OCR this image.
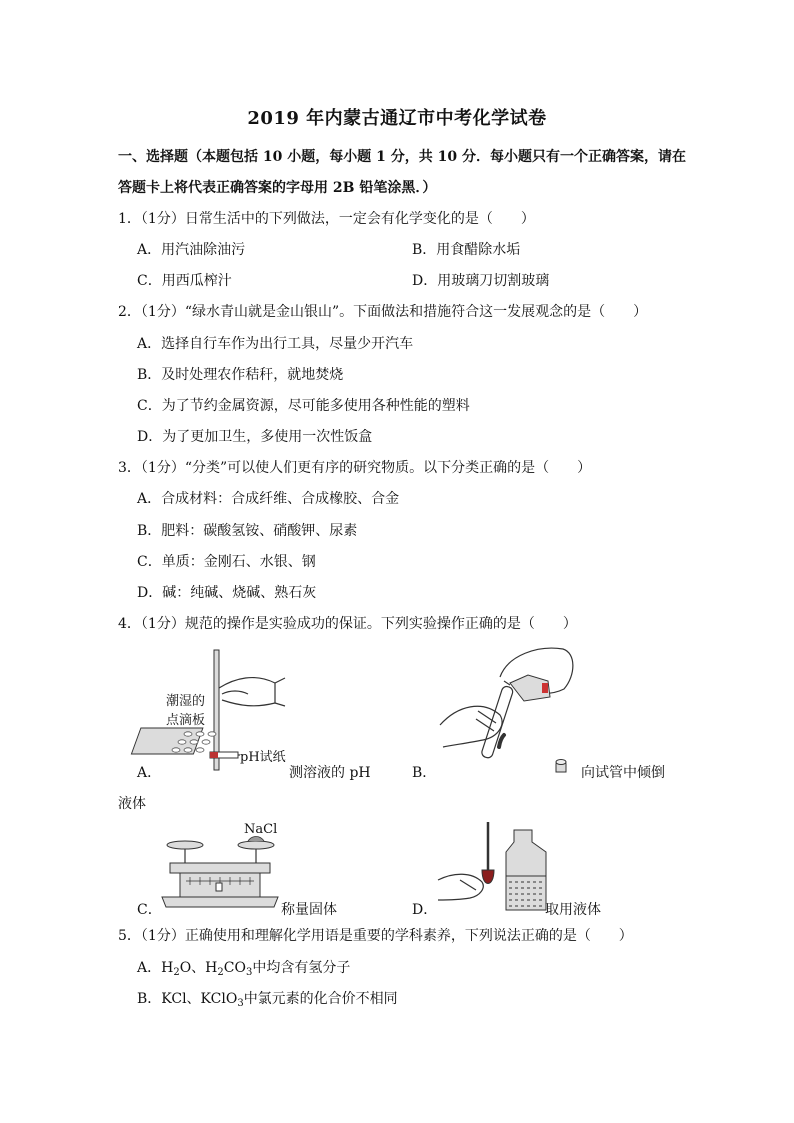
2019 年内蒙古通辽市中考化学试卷
一、选择题（本题包括 10 小题，每小题 1 分，共 10 分．每小题只有一个正确答案，请在
答题卡上将代表正确答案的字母用 2B 铅笔涂黑．）
1．（1分）日常生活中的下列做法，一定会有化学变化的是（　　）
A．用汽油除油污	B．用食醋除水垢
C．用西瓜榨汁	D．用玻璃刀切割玻璃
2．（1分）“绿水青山就是金山银山”。下面做法和措施符合这一发展观念的是（　　）
A．选择自行车作为出行工具，尽量少开汽车
B．及时处理农作秸秆，就地焚烧
C．为了节约金属资源，尽可能多使用各种性能的塑料
D．为了更加卫生，多使用一次性饭盒
3．（1分）“分类”可以使人们更有序的研究物质。以下分类正确的是（　　）
A．合成材料：合成纤维、合成橡胶、合金
B．肥料：碳酸氢铵、硝酸钾、尿素
C．单质：金刚石、水银、钢
D．碱：纯碱、烧碱、熟石灰
4．（1分）规范的操作是实验成功的保证。下列实验操作正确的是（　　）
潮湿的
点滴板
pH试纸
A．	测溶液的 pH	B．	向试管中倾倒
液体
NaCl
C．	称量固体	D．	取用液体
5．（1分）正确使用和理解化学用语是重要的学科素养，下列说法正确的是（　　）
A．$H_2O$、$H_2CO_3$中均含有氢分子
B．KCl、KClO$_3$中氯元素的化合价不相同
